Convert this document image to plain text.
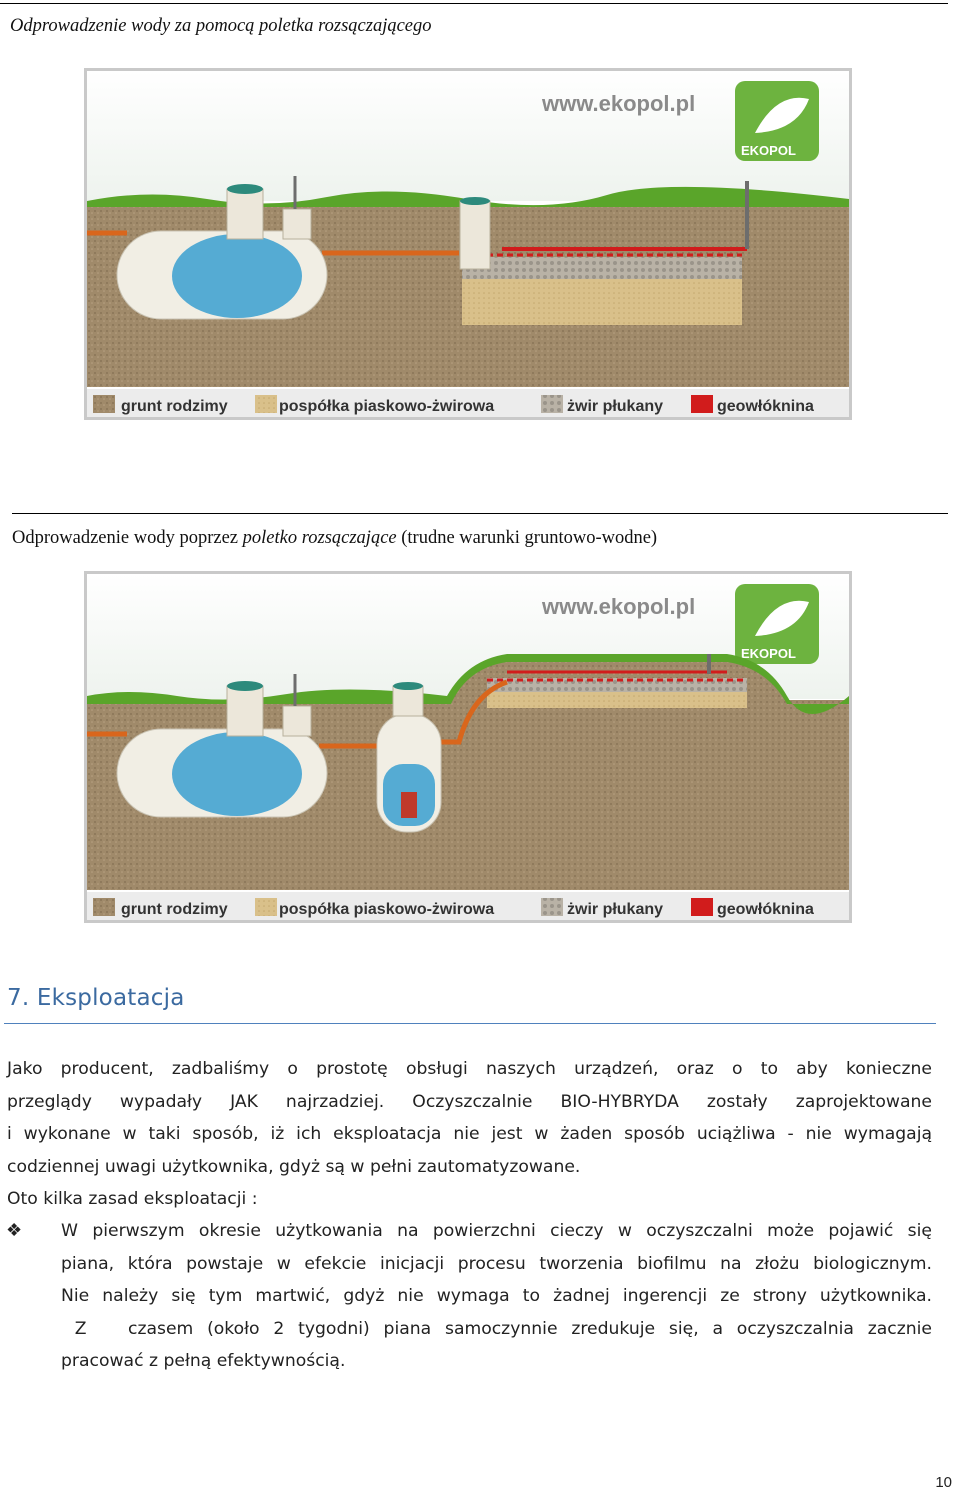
Odprowadzenie wody za pomocą poletka rozsączającego
www.ekopol.pl
EKOPOL
grunt rodzimy	pospółka piaskowo-żwirowa	żwir płukany	geowłóknina
Odprowadzenie wody poprzez poletko rozsączające (trudne warunki gruntowo-wodne)
www.ekopol.pl
EKOPOL
grunt rodzimy	pospółka piaskowo-żwirowa	żwir płukany	geowłóknina
7. Eksploatacja
Jako producent, zadbaliśmy o prostotę obsługi naszych urządzeń, oraz o to aby konieczne
przeglądy wypadały JAK najrzadziej. Oczyszczalnie BIO-HYBRYDA zostały zaprojektowane
i wykonane w taki sposób, iż ich eksploatacja nie jest w żaden sposób uciążliwa - nie wymagają
codziennej uwagi użytkownika, gdyż są w pełni zautomatyzowane.
Oto kilka zasad eksploatacji :
❖ W pierwszym okresie użytkowania na powierzchni cieczy w oczyszczalni może pojawić się
piana, która powstaje w efekcie inicjacji procesu tworzenia biofilmu na złożu biologicznym.
Nie należy się tym martwić, gdyż nie wymaga to żadnej ingerencji ze strony użytkownika.
Z   czasem (około 2 tygodni) piana samoczynnie zredukuje się, a oczyszczalnia zacznie
pracować z pełną efektywnością.
10
